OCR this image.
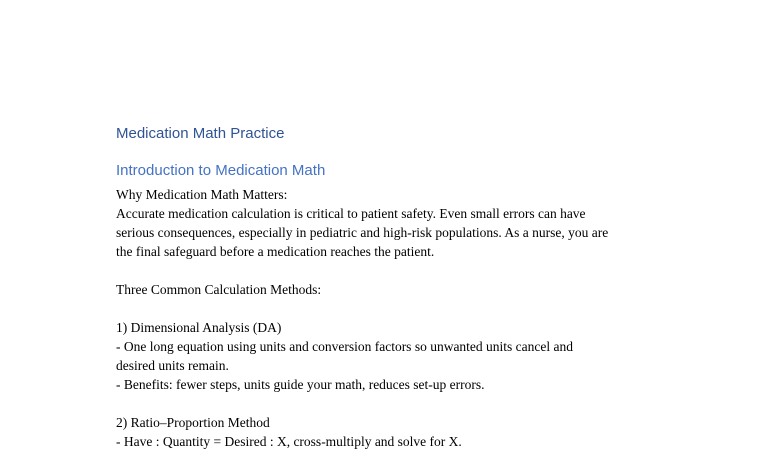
Medication Math Practice
Introduction to Medication Math

Why Medication Math Matters:

Accurate medication calculation is critical to patient safety. Even small errors can have

serious consequences, especially in pediatric and high-risk populations. As a nurse, you are

the final safeguard before a medication reaches the patient.

Three Common Calculation Methods:

1) Dimensional Analysis (DA)

- One long equation using units and conversion factors so unwanted units cancel and

desired units remain.

- Benefits: fewer steps, units guide your math, reduces set-up errors.

2) Ratio–Proportion Method

- Have : Quantity = Desired : X, cross-multiply and solve for X.
